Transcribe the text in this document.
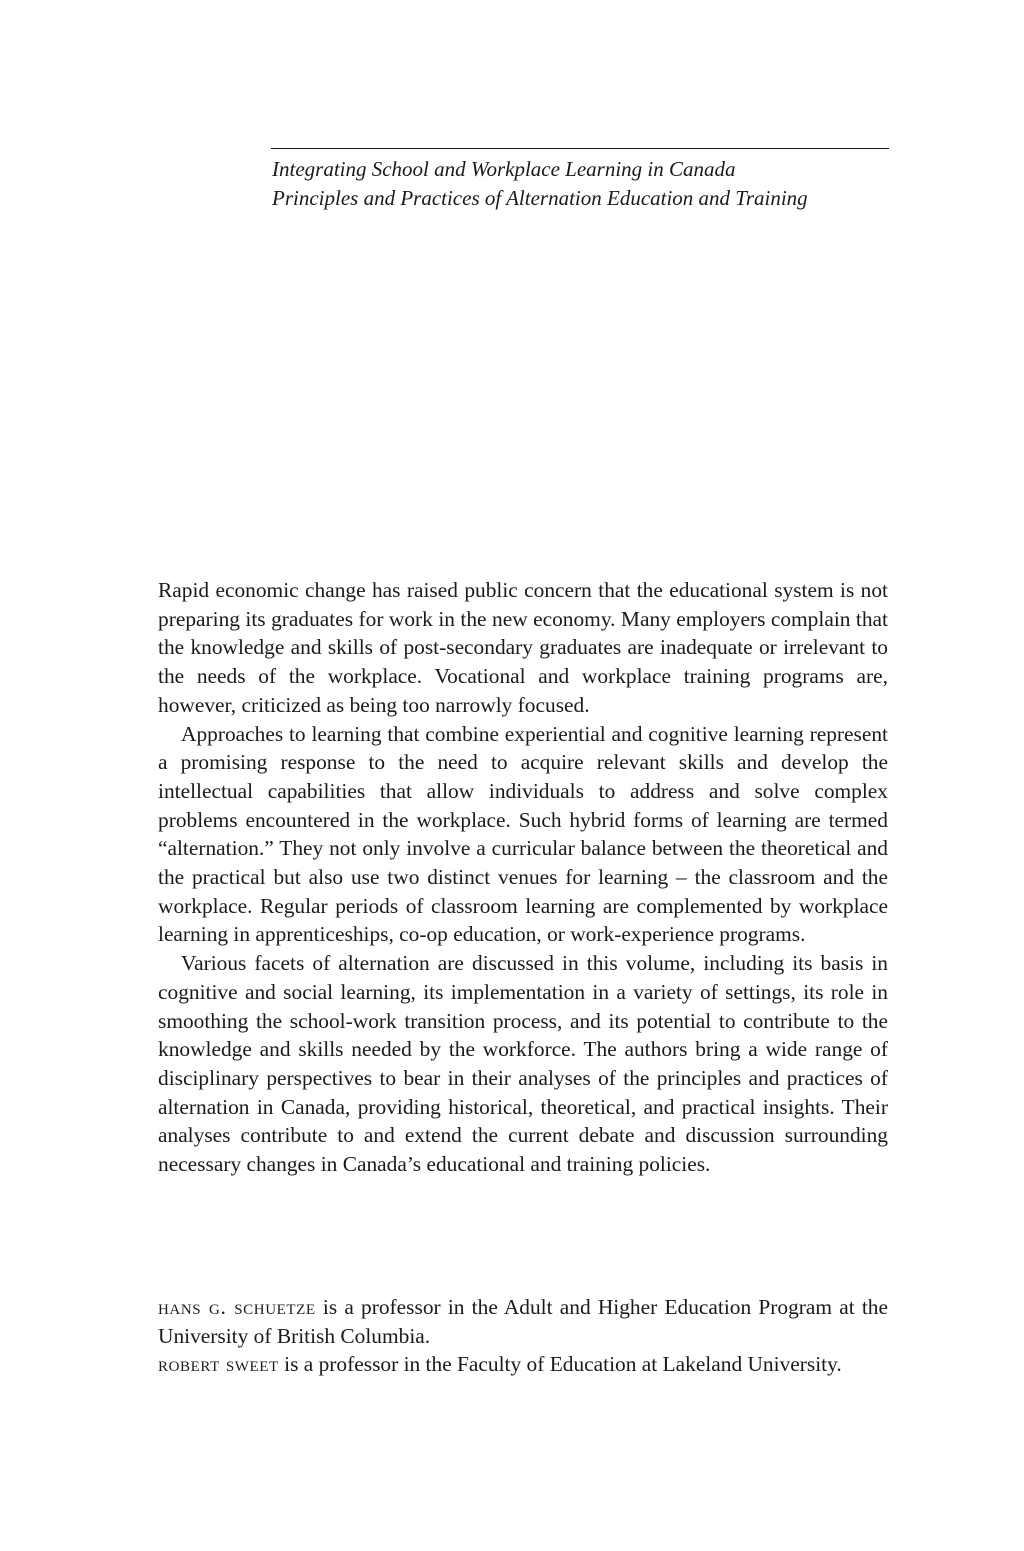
Integrating School and Workplace Learning in Canada
Principles and Practices of Alternation Education and Training

Rapid economic change has raised public concern that the educational system is not preparing its graduates for work in the new economy. Many employers complain that the knowledge and skills of post-secondary graduates are inadequate or irrelevant to the needs of the workplace. Vocational and workplace training programs are, however, criticized as being too narrowly focused.

Approaches to learning that combine experiential and cognitive learning represent a promising response to the need to acquire relevant skills and develop the intellectual capabilities that allow individuals to address and solve complex problems encountered in the workplace. Such hybrid forms of learning are termed “alternation.” They not only involve a curricular balance between the theoretical and the practical but also use two distinct venues for learning – the classroom and the workplace. Regular periods of classroom learning are complemented by workplace learning in apprenticeships, co-op education, or work-experience programs.

Various facets of alternation are discussed in this volume, including its basis in cognitive and social learning, its implementation in a variety of settings, its role in smoothing the school-work transition process, and its potential to contribute to the knowledge and skills needed by the workforce. The authors bring a wide range of disciplinary perspectives to bear in their analyses of the principles and practices of alternation in Canada, providing historical, theoretical, and practical insights. Their analyses contribute to and extend the current debate and discussion surrounding necessary changes in Canada’s educational and training policies.

hans g. schuetze is a professor in the Adult and Higher Education Program at the University of British Columbia.

robert sweet is a professor in the Faculty of Education at Lakeland University.
